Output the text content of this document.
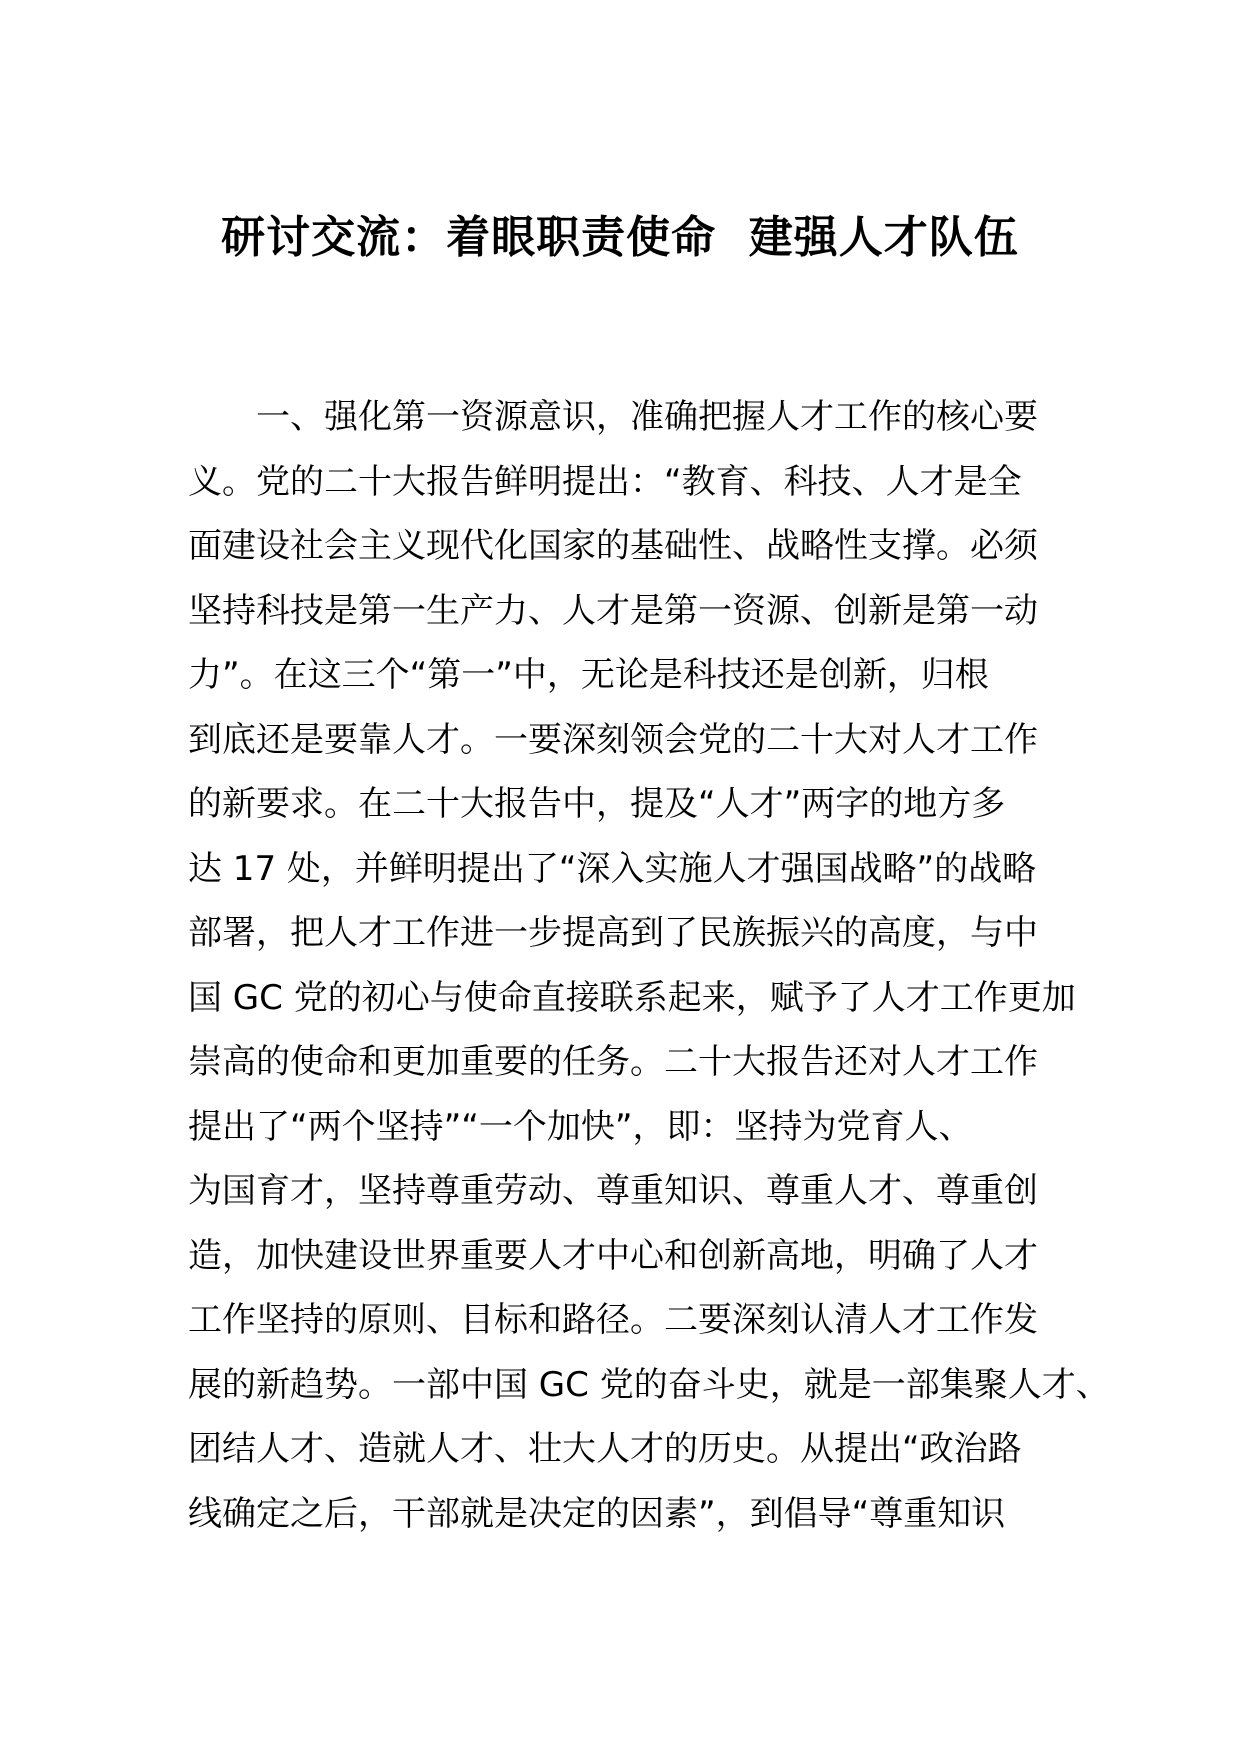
研讨交流：着眼职责使命  建强人才队伍
一、强化第一资源意识，准确把握人才工作的核心要
义。党的二十大报告鲜明提出：“教育、科技、人才是全
面建设社会主义现代化国家的基础性、战略性支撑。必须
坚持科技是第一生产力、人才是第一资源、创新是第一动
力”。在这三个“第一”中，无论是科技还是创新，归根
到底还是要靠人才。一要深刻领会党的二十大对人才工作
的新要求。在二十大报告中，提及“人才”两字的地方多
达 17 处，并鲜明提出了“深入实施人才强国战略”的战略
部署，把人才工作进一步提高到了民族振兴的高度，与中
国 GC 党的初心与使命直接联系起来，赋予了人才工作更加
崇高的使命和更加重要的任务。二十大报告还对人才工作
提出了“两个坚持”“一个加快”，即：坚持为党育人、
为国育才，坚持尊重劳动、尊重知识、尊重人才、尊重创
造，加快建设世界重要人才中心和创新高地，明确了人才
工作坚持的原则、目标和路径。二要深刻认清人才工作发
展的新趋势。一部中国 GC 党的奋斗史，就是一部集聚人才、
团结人才、造就人才、壮大人才的历史。从提出“政治路
线确定之后，干部就是决定的因素”，到倡导“尊重知识
